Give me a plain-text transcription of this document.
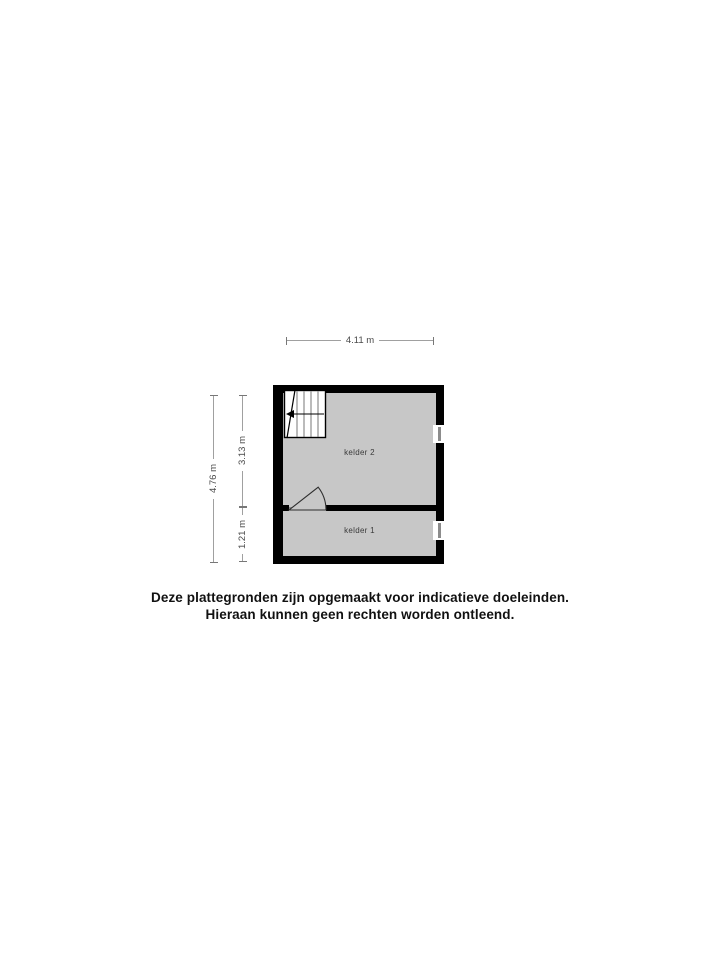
4.11 m
4.76 m
3.13 m
1.21 m
kelder 2
kelder 1
Deze plattegronden zijn opgemaakt voor indicatieve doeleinden.
Hieraan kunnen geen rechten worden ontleend.
